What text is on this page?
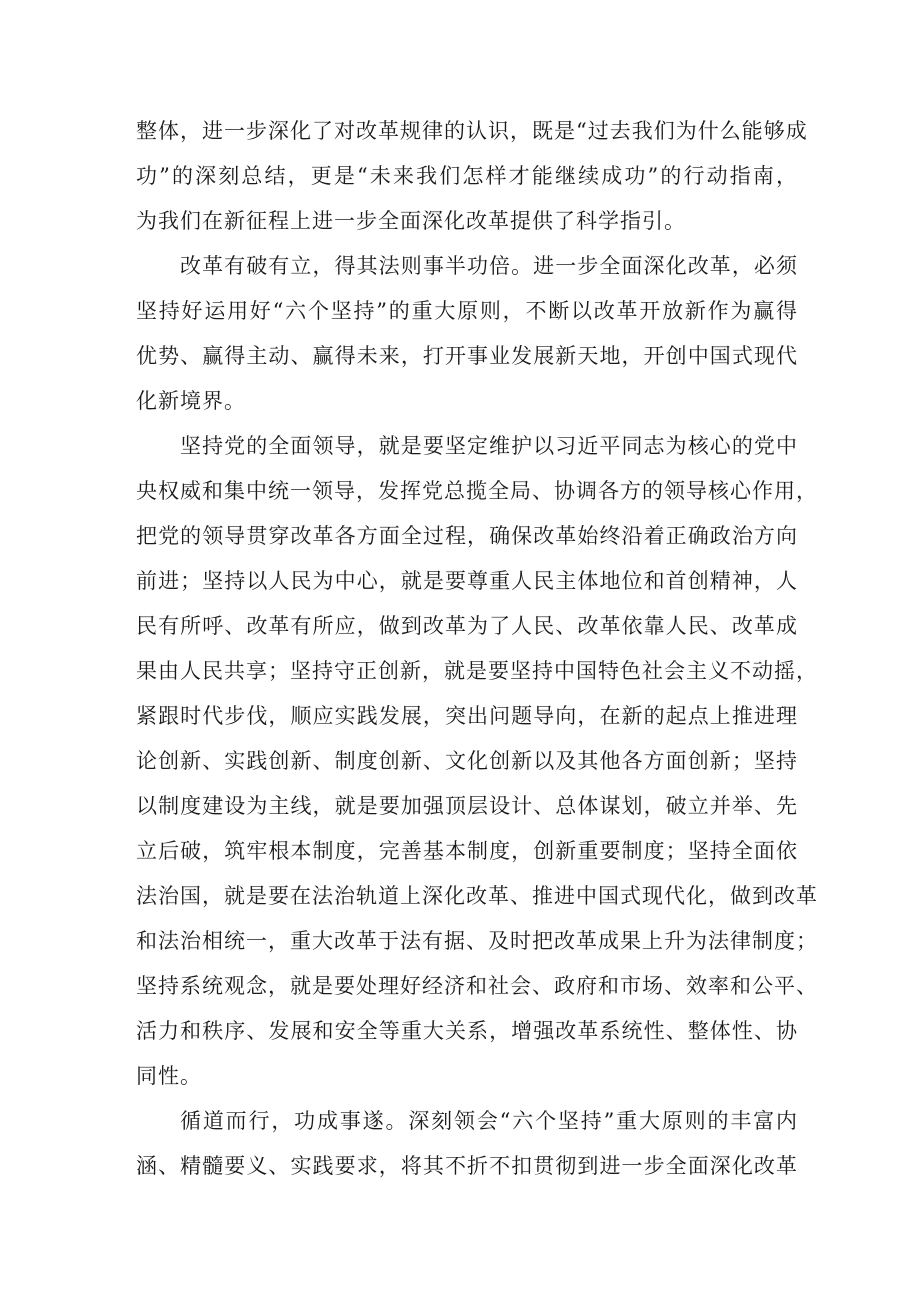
整体，进一步深化了对改革规律的认识，既是“过去我们为什么能够成
功”的深刻总结，更是“未来我们怎样才能继续成功”的行动指南，
为我们在新征程上进一步全面深化改革提供了科学指引。
改革有破有立，得其法则事半功倍。进一步全面深化改革，必须
坚持好运用好“六个坚持”的重大原则，不断以改革开放新作为赢得
优势、赢得主动、赢得未来，打开事业发展新天地，开创中国式现代
化新境界。
坚持党的全面领导，就是要坚定维护以习近平同志为核心的党中
央权威和集中统一领导，发挥党总揽全局、协调各方的领导核心作用，
把党的领导贯穿改革各方面全过程，确保改革始终沿着正确政治方向
前进；坚持以人民为中心，就是要尊重人民主体地位和首创精神，人
民有所呼、改革有所应，做到改革为了人民、改革依靠人民、改革成
果由人民共享；坚持守正创新，就是要坚持中国特色社会主义不动摇，
紧跟时代步伐，顺应实践发展，突出问题导向，在新的起点上推进理
论创新、实践创新、制度创新、文化创新以及其他各方面创新；坚持
以制度建设为主线，就是要加强顶层设计、总体谋划，破立并举、先
立后破，筑牢根本制度，完善基本制度，创新重要制度；坚持全面依
法治国，就是要在法治轨道上深化改革、推进中国式现代化，做到改革
和法治相统一，重大改革于法有据、及时把改革成果上升为法律制度；
坚持系统观念，就是要处理好经济和社会、政府和市场、效率和公平、
活力和秩序、发展和安全等重大关系，增强改革系统性、整体性、协
同性。
循道而行，功成事遂。深刻领会“六个坚持”重大原则的丰富内
涵、精髓要义、实践要求，将其不折不扣贯彻到进一步全面深化改革
